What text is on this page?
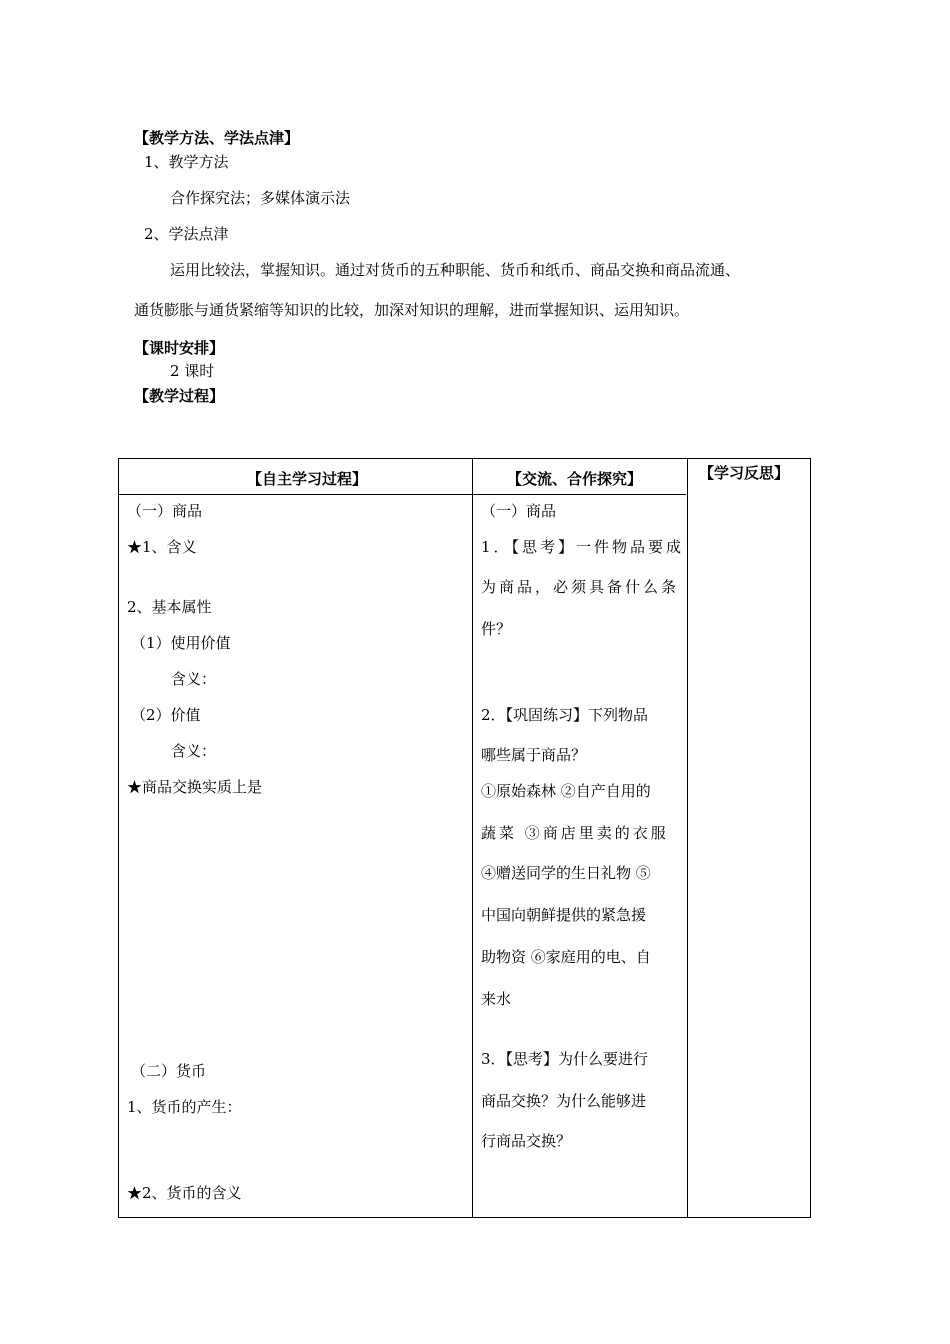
【教学方法、学法点津】
1、教学方法
合作探究法；多媒体演示法
2、学法点津
运用比较法，掌握知识。通过对货币的五种职能、货币和纸币、商品交换和商品流通、
通货膨胀与通货紧缩等知识的比较，加深对知识的理解，进而掌握知识、运用知识。
【课时安排】
2 课时
【教学过程】
【自主学习过程】	【交流、合作探究】	【学习反思】
（一）商品
★1、含义
2、基本属性
（1）使用价值
含义：
（2）价值
含义：
★商品交换实质上是
（二）货币
1、货币的产生：
★2、货币的含义
（一）商品
1．【思考】一件物品要成
为商品，必须具备什么条
件？
2．【巩固练习】下列物品
哪些属于商品？
①原始森林 ②自产自用的
蔬菜 ③商店里卖的衣服
④赠送同学的生日礼物 ⑤
中国向朝鲜提供的紧急援
助物资 ⑥家庭用的电、自
来水
3．【思考】为什么要进行
商品交换？为什么能够进
行商品交换？
